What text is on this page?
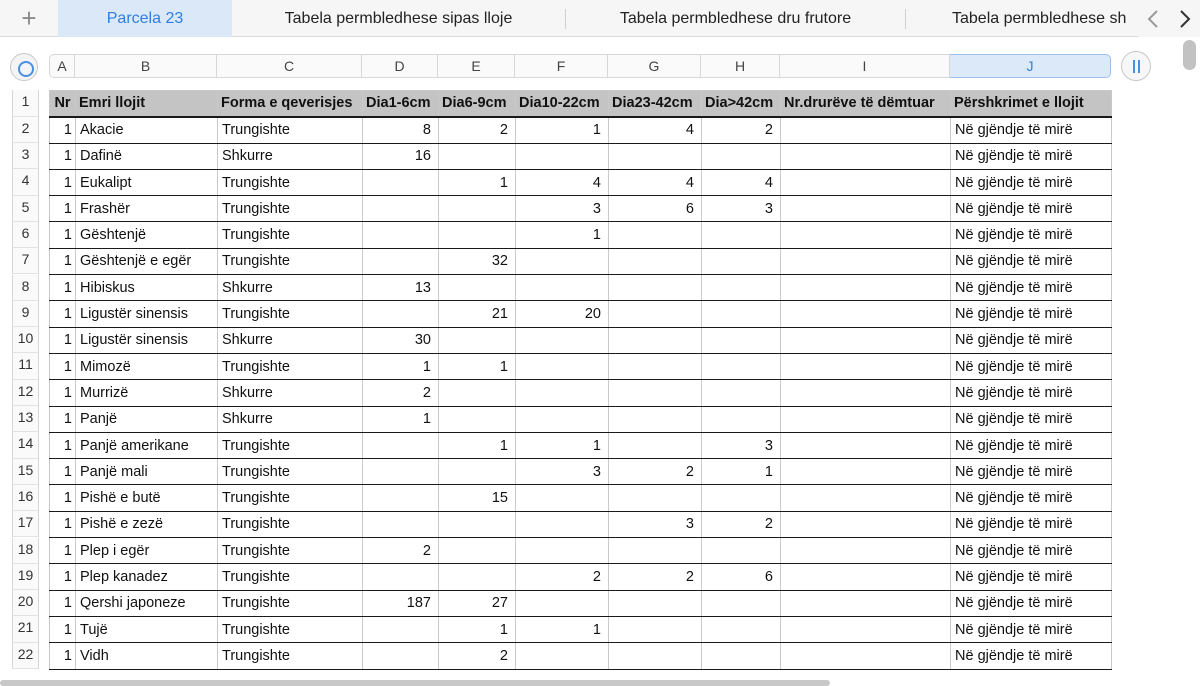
+	Parcela 23	Tabela permbledhese sipas lloje	Tabela permbledhese dru frutore	Tabela permbledhese sh
A	B	C	D	E	F	G	H	I	J
1
2
3
4
5
6
7
8
9
10
11
12
13
14
15
16
17
18
19
20
21
22
Nr	Emri llojit	Forma e qeverisjes	Dia1-6cm	Dia6-9cm	Dia10-22cm	Dia23-42cm	Dia>42cm	Nr.drurëve të dëmtuar	Përshkrimet e llojit
1	Akacie	Trungishte	8	2	1	4	2		Në gjëndje të mirë
1	Dafinë	Shkurre	16						Në gjëndje të mirë
1	Eukalipt	Trungishte		1	4	4	4		Në gjëndje të mirë
1	Frashër	Trungishte			3	6	3		Në gjëndje të mirë
1	Gështenjë	Trungishte			1				Në gjëndje të mirë
1	Gështenjë e egër	Trungishte		32					Në gjëndje të mirë
1	Hibiskus	Shkurre	13						Në gjëndje të mirë
1	Ligustër sinensis	Trungishte		21	20				Në gjëndje të mirë
1	Ligustër sinensis	Shkurre	30						Në gjëndje të mirë
1	Mimozë	Trungishte	1	1					Në gjëndje të mirë
1	Murrizë	Shkurre	2						Në gjëndje të mirë
1	Panjë	Shkurre	1						Në gjëndje të mirë
1	Panjë amerikane	Trungishte		1	1		3		Në gjëndje të mirë
1	Panjë mali	Trungishte			3	2	1		Në gjëndje të mirë
1	Pishë e butë	Trungishte		15					Në gjëndje të mirë
1	Pishë e zezë	Trungishte				3	2		Në gjëndje të mirë
1	Plep i egër	Trungishte	2						Në gjëndje të mirë
1	Plep kanadez	Trungishte			2	2	6		Në gjëndje të mirë
1	Qershi japoneze	Trungishte	187	27					Në gjëndje të mirë
1	Tujë	Trungishte		1	1				Në gjëndje të mirë
1	Vidh	Trungishte		2					Në gjëndje të mirë
